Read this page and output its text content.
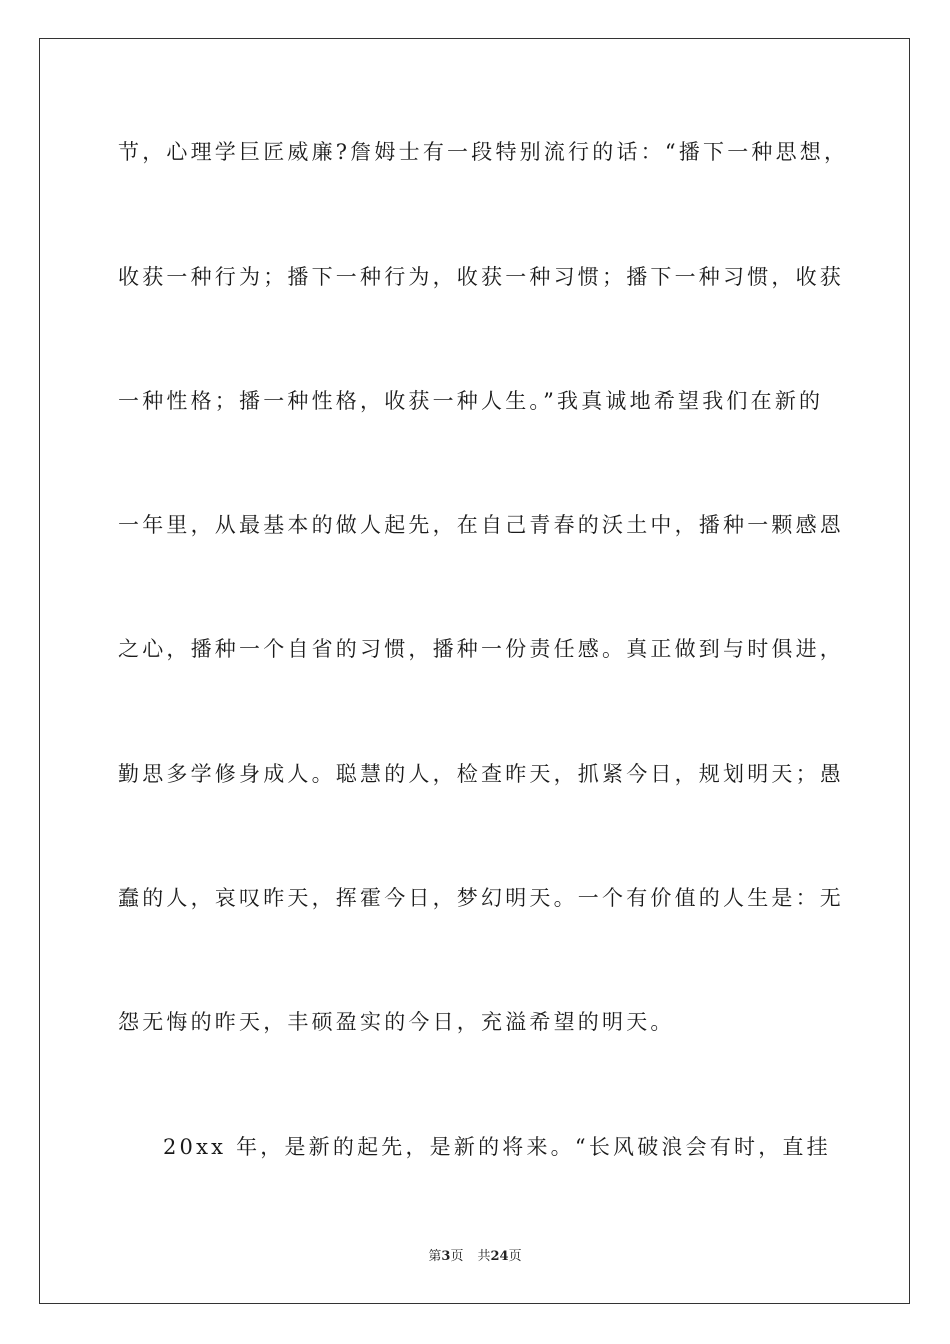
节，心理学巨匠威廉?詹姆士有一段特别流行的话：“播下一种思想，
收获一种行为；播下一种行为，收获一种习惯；播下一种习惯，收获
一种性格；播一种性格，收获一种人生。”我真诚地希望我们在新的
一年里，从最基本的做人起先，在自己青春的沃土中，播种一颗感恩
之心，播种一个自省的习惯，播种一份责任感。真正做到与时俱进，
勤思多学修身成人。聪慧的人，检查昨天，抓紧今日，规划明天；愚
蠢的人，哀叹昨天，挥霍今日，梦幻明天。一个有价值的人生是：无
怨无悔的昨天，丰硕盈实的今日，充溢希望的明天。
20xx 年，是新的起先，是新的将来。“长风破浪会有时，直挂
第3页 共24页
